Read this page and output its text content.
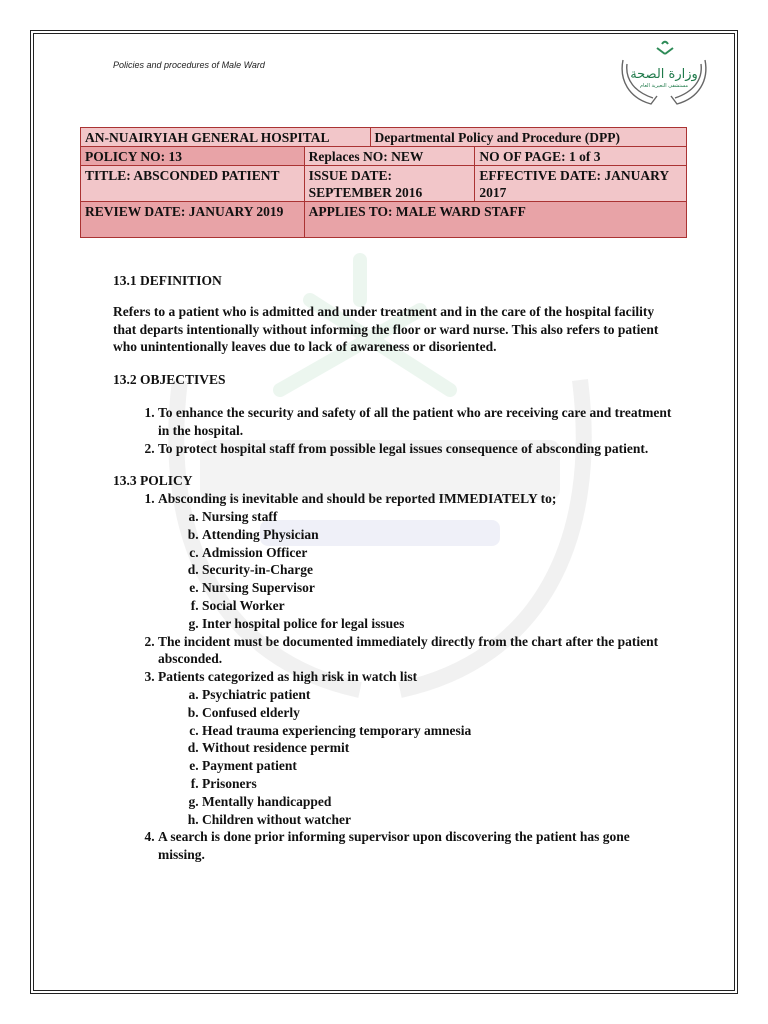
Policies and procedures of Male Ward
وزارة الصحة
مستشفى النعيرية العام
AN-NUAIRYIAH GENERAL HOSPITAL		Departmental Policy and Procedure (DPP)	
POLICY NO: 13	Replaces NO: NEW		NO OF PAGE: 1 of 3
TITLE: ABSCONDED PATIENT	ISSUE DATE: SEPTEMBER 2016		EFFECTIVE DATE: JANUARY 2017
REVIEW DATE: JANUARY 2019	APPLIES TO: MALE WARD STAFF		

13.1 DEFINITION

Refers to a patient who is admitted and under treatment and in the care of the hospital facility that departs intentionally without informing the floor or ward nurse. This also refers to patient who unintentionally leaves due to lack of awareness or disoriented.

13.2 OBJECTIVES

1. To enhance the security and safety of all the patient who are receiving care and treatment in the hospital.
2. To protect hospital staff from possible legal issues consequence of absconding patient.

13.3 POLICY

1. Absconding is inevitable and should be reported IMMEDIATELY to;
a. Nursing staff
b. Attending Physician
c. Admission Officer
d. Security-in-Charge
e. Nursing Supervisor
f. Social Worker
g. Inter hospital police for legal issues
2. The incident must be documented immediately directly from the chart after the patient absconded.
3. Patients categorized as high risk in watch list
a. Psychiatric patient
b. Confused elderly
c. Head trauma experiencing temporary amnesia
d. Without residence permit
e. Payment patient
f. Prisoners
g. Mentally handicapped
h. Children without watcher
4. A search is done prior informing supervisor upon discovering the patient has gone missing.
